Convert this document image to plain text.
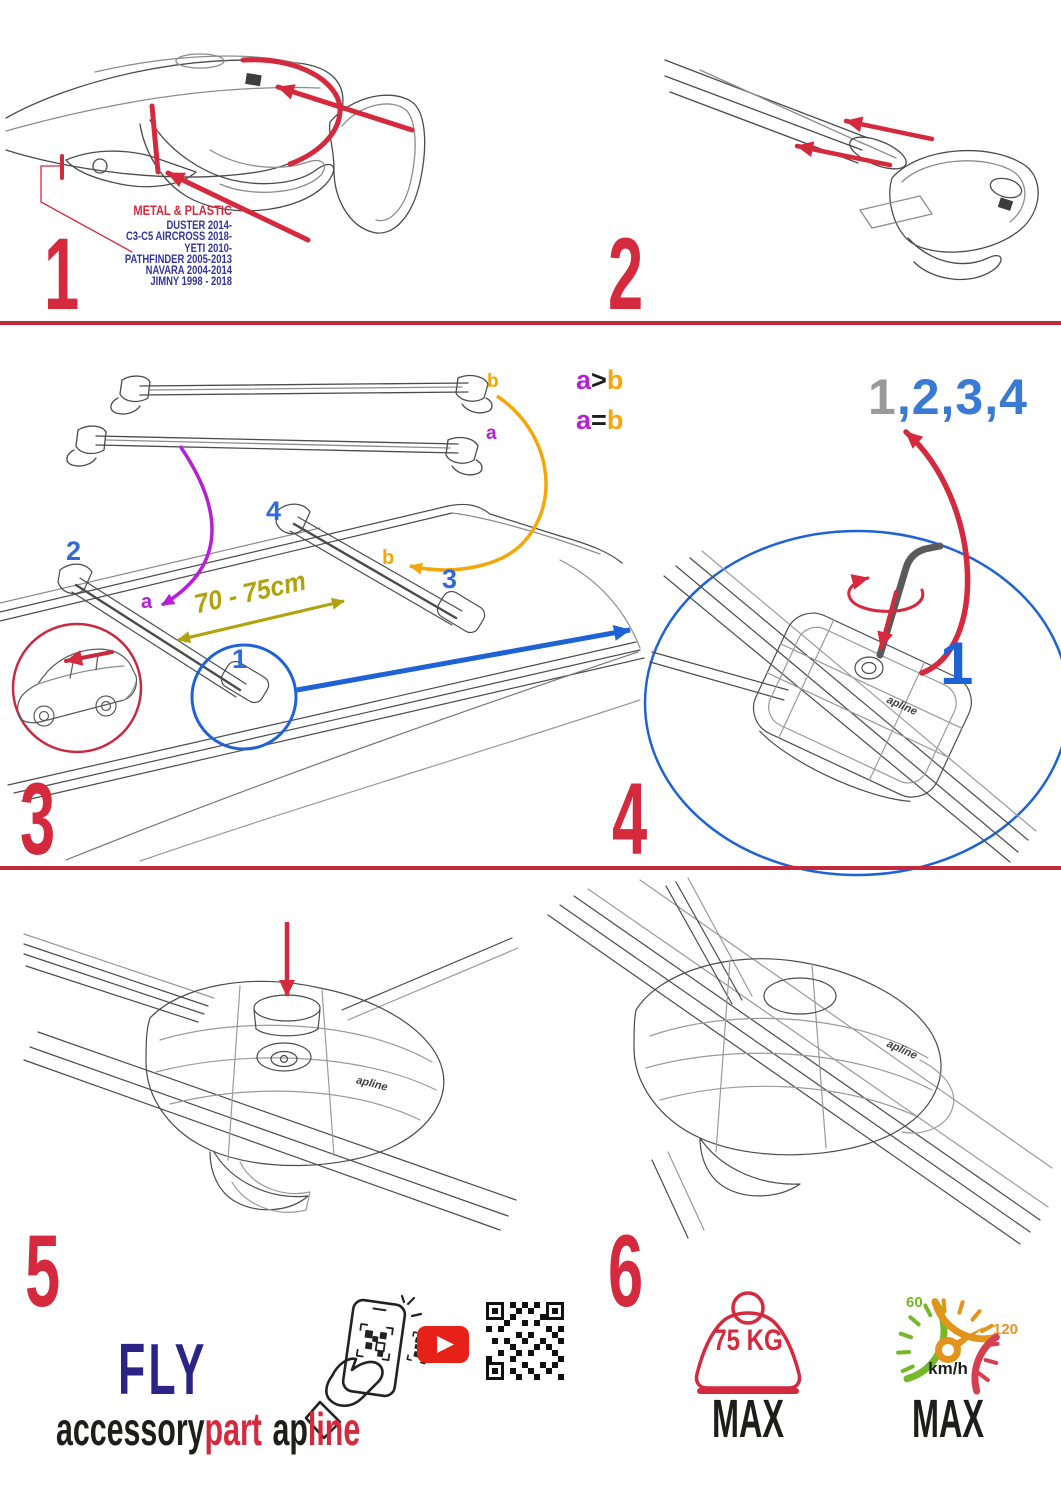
1	2
3	4
5	6
METAL & PLASTIC
DUSTER 2014-
C3-C5 AIRCROSS 2018-
YETI 2010-
PATHFINDER 2005-2013
NAVARA 2004-2014
JIMNY 1998 - 2018
b
a
a>b
a=b
2
4
3
1
b
a 70 - 75cm
1,2,3,4
1
apline
apline
apline
FLY
accessorypart apline
75 KG
MAX
60
120
km/h
MAX
